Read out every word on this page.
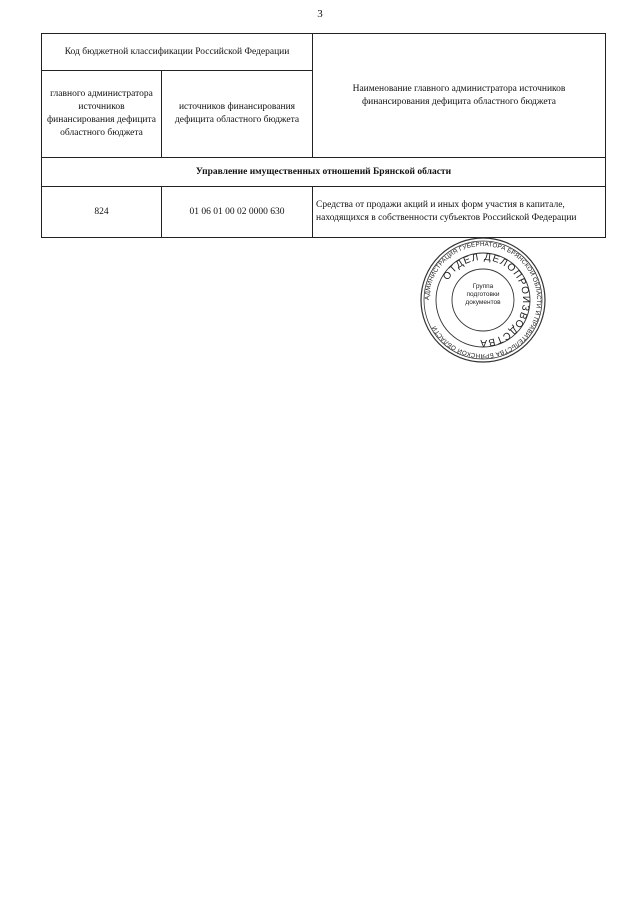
3
Код бюджетной классификации Российской Федерации		Наименование главного администратора источников финансирования дефицита областного бюджета
главного администратора источников финансирования дефицита областного бюджета	источников финансирования дефицита областного бюджета	
Управление имущественных отношений Брянской области		
824	01 06 01 00 02 0000 630	Средства от продажи акций и иных форм участия в капитале, находящихся в собственности субъектов Российской Федерации
АДМИНИСТРАЦИЯ ГУБЕРНАТОРА БРЯНСКОЙ ОБЛАСТИ И ПРАВИТЕЛЬСТВА БРЯНСКОЙ ОБЛАСТИ
ОТДЕЛ ДЕЛОПРОИЗВОДСТВА
Группа подготовки документов
